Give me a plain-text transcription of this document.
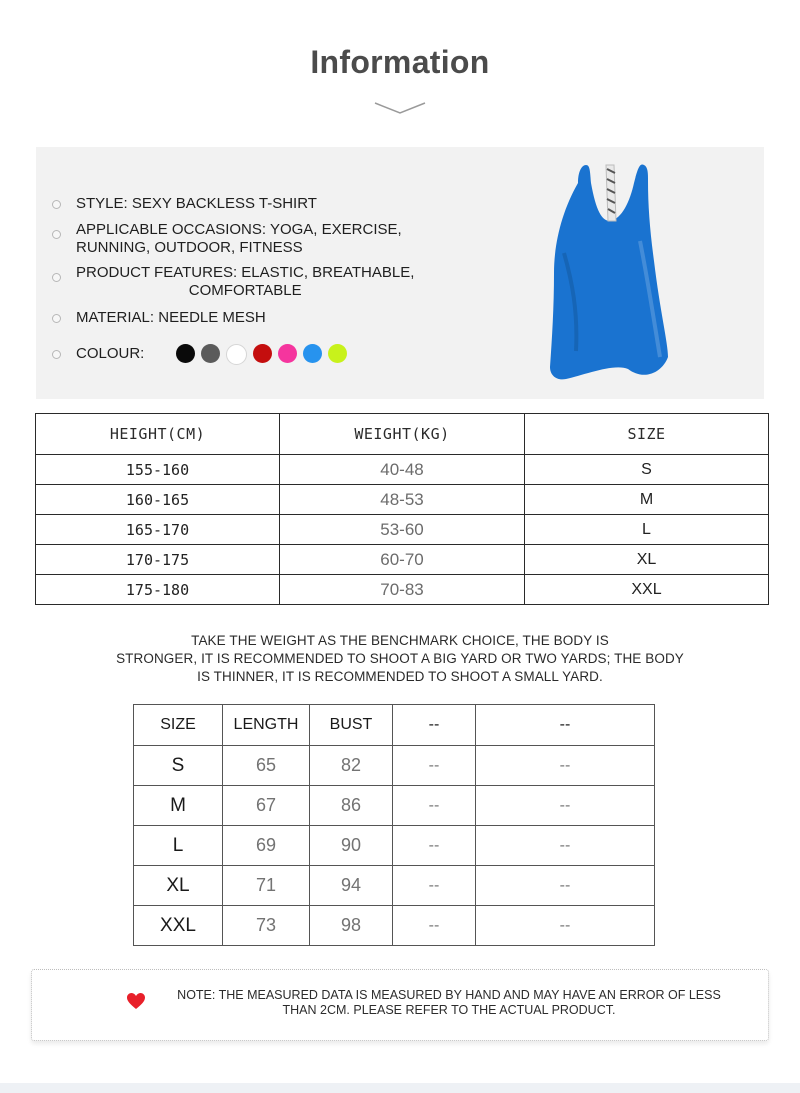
Information
STYLE: SEXY BACKLESS T-SHIRT
APPLICABLE OCCASIONS: YOGA, EXERCISE,
RUNNING, OUTDOOR, FITNESS
PRODUCT FEATURES: ELASTIC, BREATHABLE,
COMFORTABLE
MATERIAL: NEEDLE MESH
COLOUR:
HEIGHT(CM)	WEIGHT(KG)	SIZE
155-160	40-48	S
160-165	48-53	M
165-170	53-60	L
170-175	60-70	XL
175-180	70-83	XXL
TAKE THE WEIGHT AS THE BENCHMARK CHOICE, THE BODY IS
STRONGER, IT IS RECOMMENDED TO SHOOT A BIG YARD OR TWO YARDS; THE BODY
IS THINNER, IT IS RECOMMENDED TO SHOOT A SMALL YARD.
SIZE	LENGTH	BUST	--	--
S	65	82	--	--
M	67	86	--	--
L	69	90	--	--
XL	71	94	--	--
XXL	73	98	--	--
NOTE: THE MEASURED DATA IS MEASURED BY HAND AND MAY HAVE AN ERROR OF LESS
THAN 2CM. PLEASE REFER TO THE ACTUAL PRODUCT.
